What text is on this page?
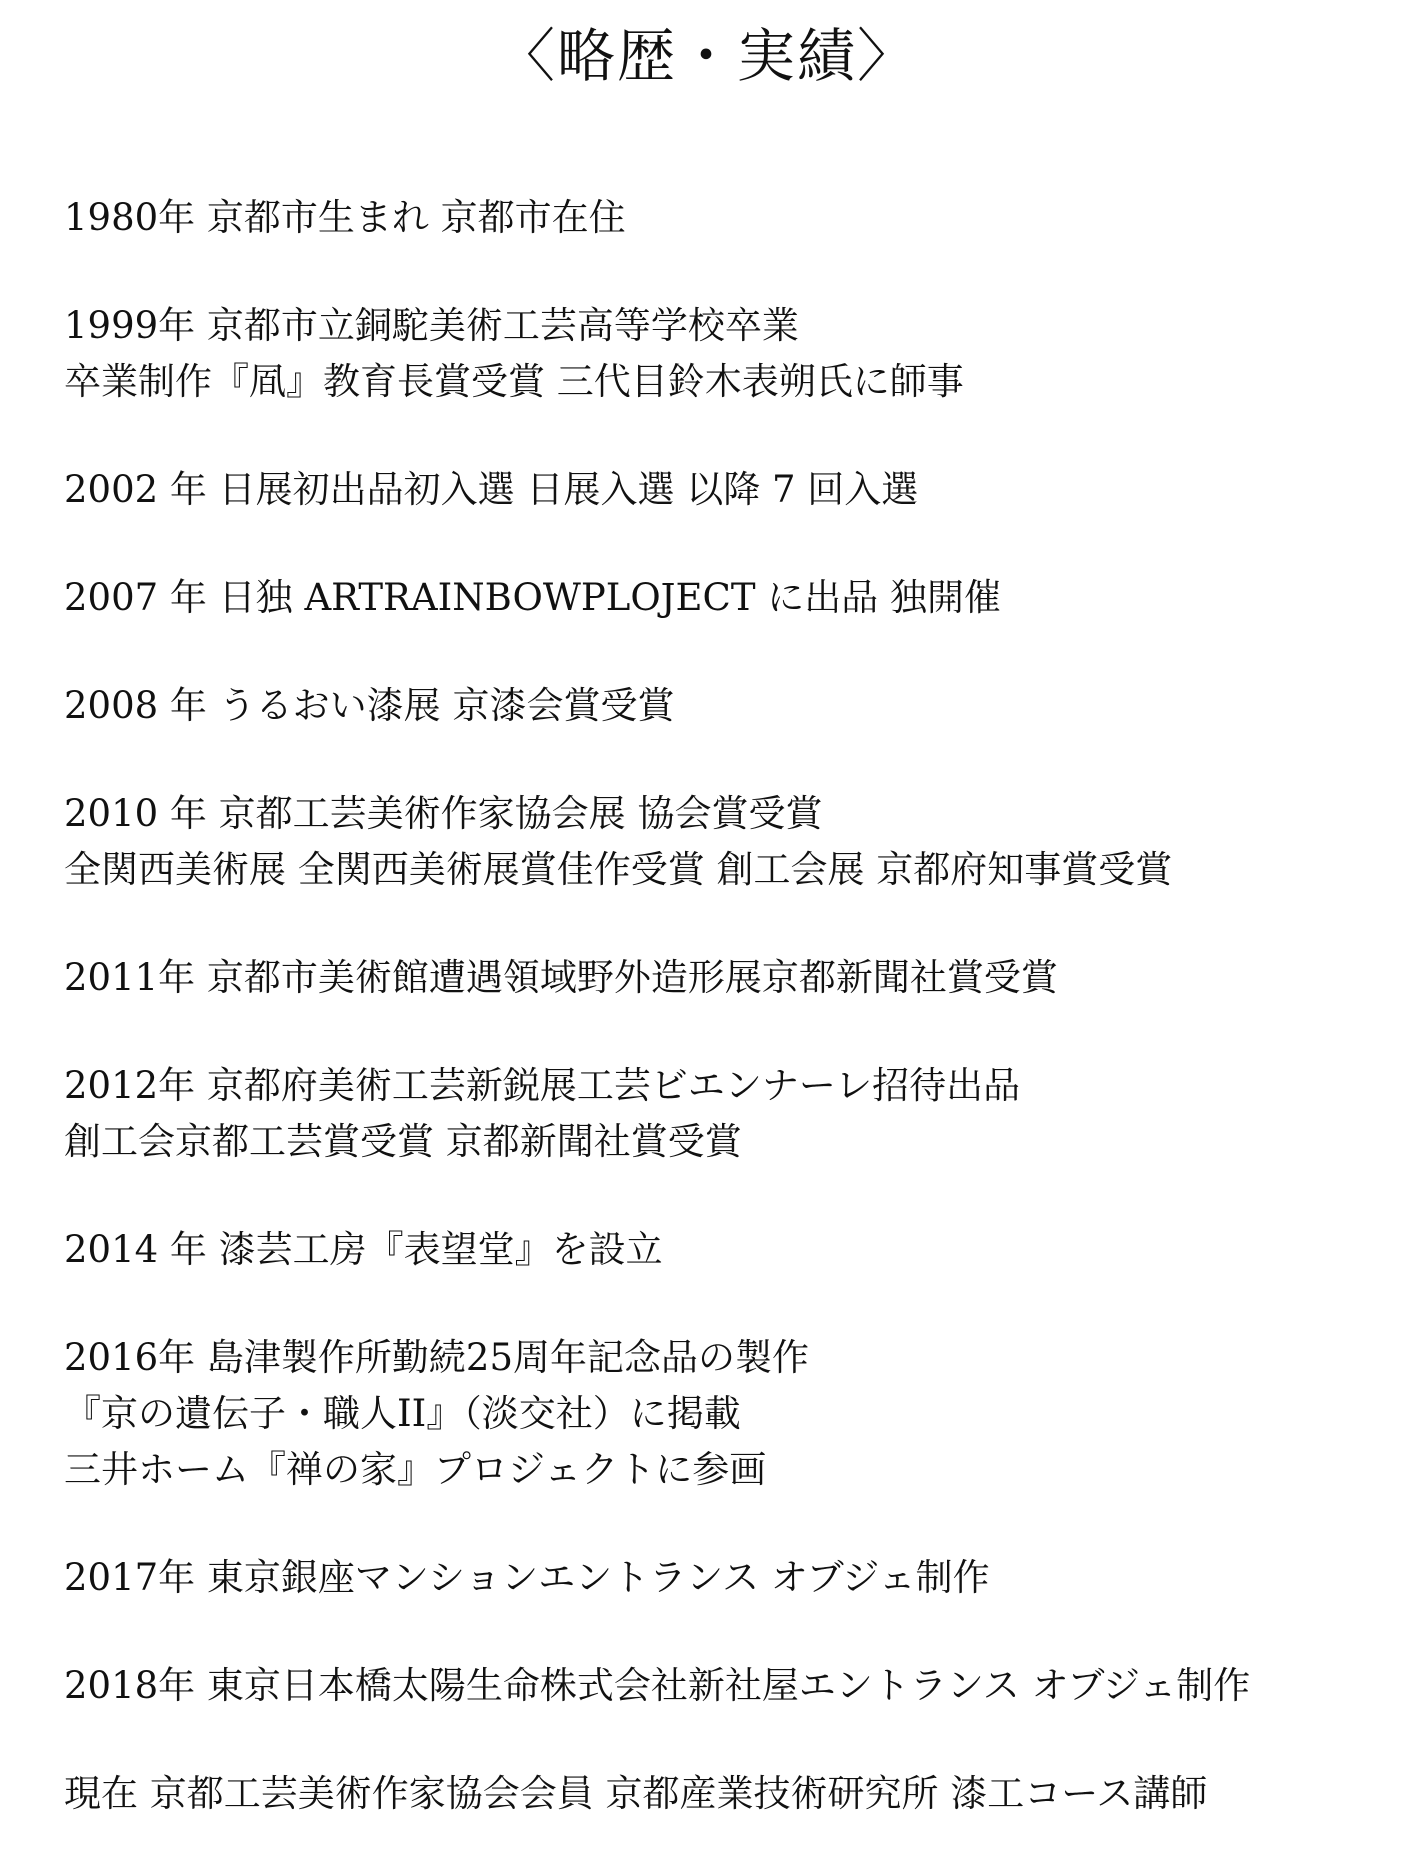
〈略歴・実績〉
1980年 京都市生まれ 京都市在住
1999年 京都市立銅駝美術工芸高等学校卒業
卒業制作『凮』教育長賞受賞 三代目鈴木表朔氏に師事
2002 年 日展初出品初入選 日展入選 以降 7 回入選
2007 年 日独 ARTRAINBOWPLOJECT に出品 独開催
2008 年 うるおい漆展 京漆会賞受賞
2010 年 京都工芸美術作家協会展 協会賞受賞
全関西美術展 全関西美術展賞佳作受賞 創工会展 京都府知事賞受賞
2011年 京都市美術館遭遇領域野外造形展京都新聞社賞受賞
2012年 京都府美術工芸新鋭展工芸ビエンナーレ招待出品
創工会京都工芸賞受賞 京都新聞社賞受賞
2014 年 漆芸工房『表望堂』を設立
2016年 島津製作所勤続25周年記念品の製作
『京の遺伝子・職人II』（淡交社）に掲載
三井ホーム『禅の家』プロジェクトに参画
2017年 東京銀座マンションエントランス オブジェ制作
2018年 東京日本橋太陽生命株式会社新社屋エントランス オブジェ制作
現在 京都工芸美術作家協会会員 京都産業技術研究所 漆工コース講師
